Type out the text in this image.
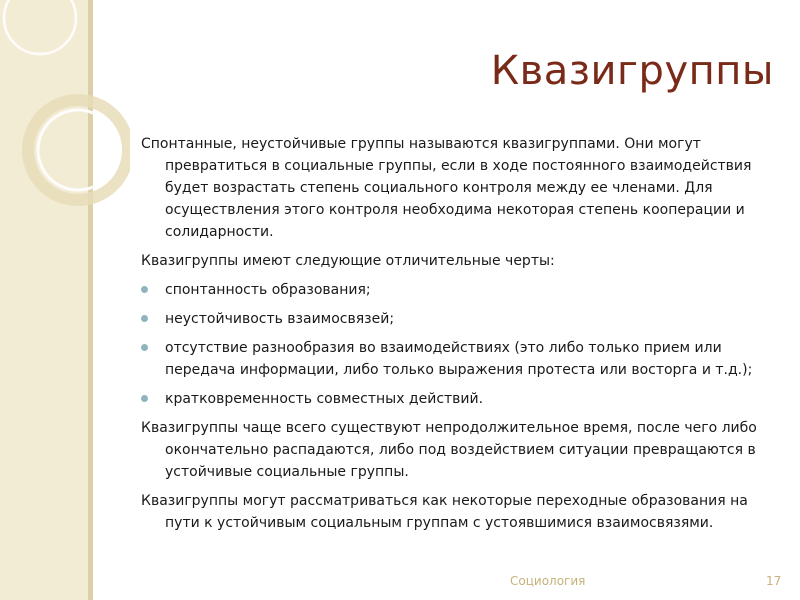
Квазигруппы

Спонтанные, неустойчивые группы называются квазигруппами. Они могут превратиться в социальные группы, если в ходе постоянного взаимодействия будет возрастать степень социального контроля между ее членами. Для осуществления этого контроля необходима некоторая степень кооперации и солидарности.

Квазигруппы имеют следующие отличительные черты:

спонтанность образования;
неустойчивость взаимосвязей;
отсутствие разнообразия во взаимодействиях (это либо только прием или передача информации, либо только выражения протеста или восторга и т.д.);
кратковременность совместных действий.

Квазигруппы чаще всего существуют непродолжительное время, после чего либо окончательно распадаются, либо под воздействием ситуации превращаются в устойчивые социальные группы.

Квазигруппы могут рассматриваться как некоторые переходные образования на пути к устойчивым социальным группам с устоявшимися взаимосвязями.

Социология	17
